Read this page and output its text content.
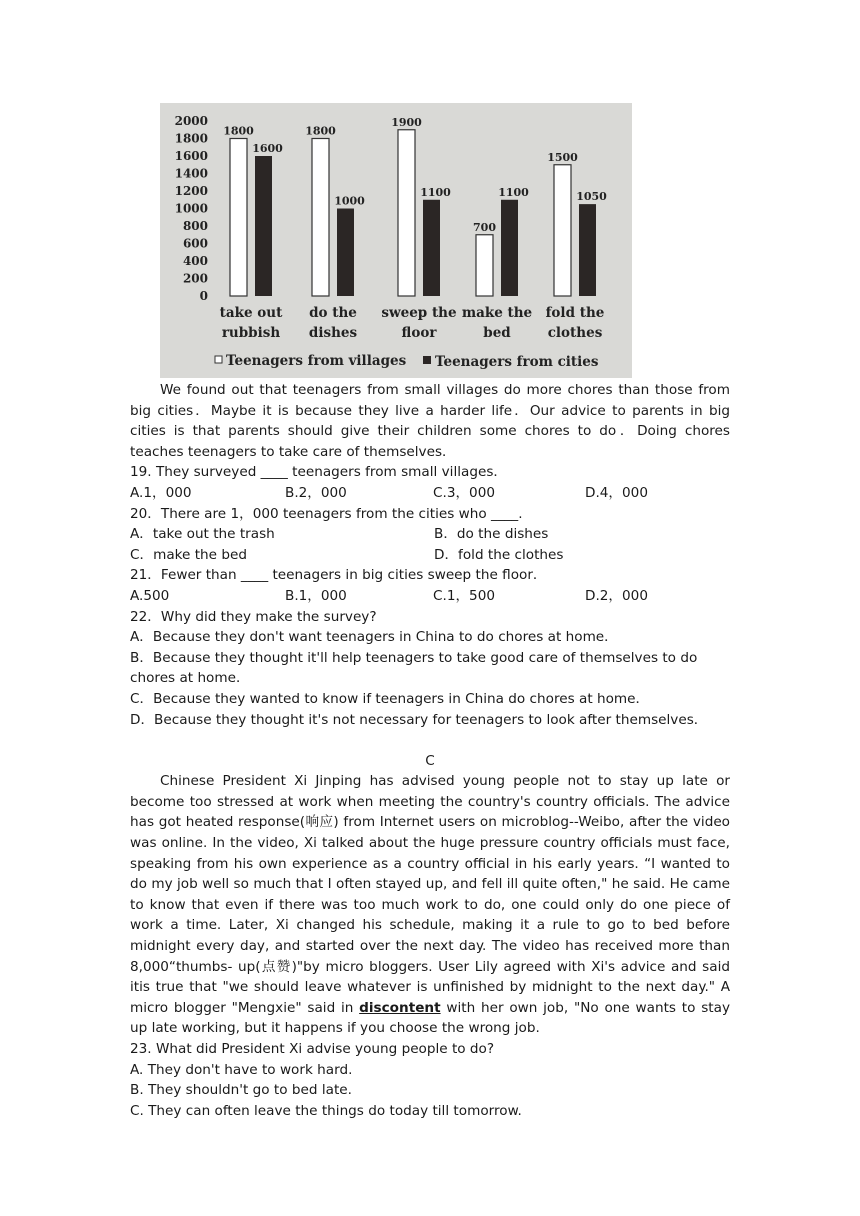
2000
1800
1600
1400
1200
1000
800
600
400
200
0
1800
1600
take out
rubbish
1800
1000
do the
dishes
1900
1100
sweep the
floor
700
1100
make the
bed
1500
1050
fold the
clothes
Teenagers from villages Teenagers from cities

We found out that teenagers from small villages do more chores than those from big cities．Maybe it is because they live a harder life．Our advice to parents in big cities is that parents should give their children some chores to do．Doing chores teaches teenagers to take care of themselves．

19. They surveyed ____ teenagers from small villages．

A.1，000	B.2，000	C.3，000	D.4，000

20．There are 1，000 teenagers from the cities who ____.

A．take out the trash	B．do the dishes

C．make the bed	D．fold the clothes

21．Fewer than ____ teenagers in big cities sweep the floor．

A.500	B.1，000	C.1，500	D.2，000

22．Why did they make the survey?

A．Because they don't want teenagers in China to do chores at home．

B．Because they thought it'll help teenagers to take good care of themselves to do chores at home．

C．Because they wanted to know if teenagers in China do chores at home．

D．Because they thought it's not necessary for teenagers to look after themselves．

C

Chinese President Xi Jinping has advised young people not to stay up late or become too stressed at work when meeting the country's country officials. The advice has got heated response(响应) from Internet users on microblog--Weibo, after the video was online. In the video, Xi talked about the huge pressure country officials must face, speaking from his own experience as a country official in his early years. “I wanted to do my job well so much that I often stayed up, and fell ill quite often," he said. He came to know that even if there was too much work to do, one could only do one piece of work a time. Later, Xi changed his schedule, making it a rule to go to bed before midnight every day, and started over the next day. The video has received more than 8,000“thumbs- up(点赞)"by micro bloggers. User Lily agreed with Xi's advice and said itis true that "we should leave whatever is unfinished by midnight to the next day." A micro blogger "Mengxie" said in discontent with her own job, "No one wants to stay up late working, but it happens if you choose the wrong job.

23. What did President Xi advise young people to do?

A. They don't have to work hard.

B. They shouldn't go to bed late.

C. They can often leave the things do today till tomorrow.
